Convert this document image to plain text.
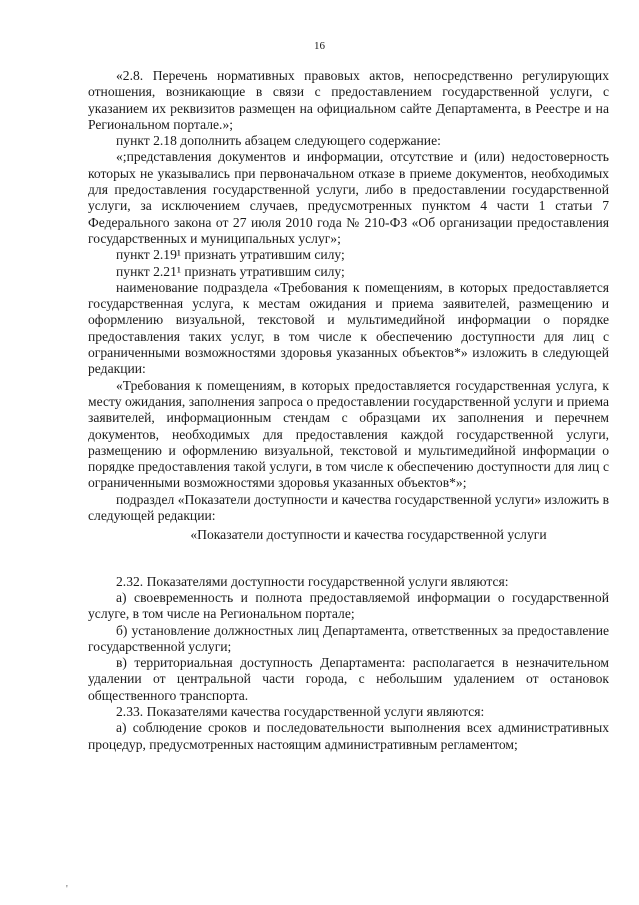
16

«2.8. Перечень нормативных правовых актов, непосредственно регулирующих отношения, возникающие в связи с предоставлением государственной услуги, с указанием их реквизитов размещен на официальном сайте Департамента, в Реестре и на Региональном портале.»;

пункт 2.18 дополнить абзацем следующего содержание:

«;представления документов и информации, отсутствие и (или) недостоверность которых не указывались при первоначальном отказе в приеме документов, необходимых для предоставления государственной услуги, либо в предоставлении государственной услуги, за исключением случаев, предусмотренных пунктом 4 части 1 статьи 7 Федерального закона от 27 июля 2010 года № 210-ФЗ «Об организации предоставления государственных и муниципальных услуг»;

пункт 2.19¹ признать утратившим силу;

пункт 2.21¹ признать утратившим силу;

наименование подраздела «Требования к помещениям, в которых предоставляется государственная услуга, к местам ожидания и приема заявителей, размещению и оформлению визуальной, текстовой и мультимедийной информации о порядке предоставления таких услуг, в том числе к обеспечению доступности для лиц с ограниченными возможностями здоровья указанных объектов*» изложить в следующей редакции:

«Требования к помещениям, в которых предоставляется государственная услуга, к месту ожидания, заполнения запроса о предоставлении государственной услуги и приема заявителей, информационным стендам с образцами их заполнения и перечнем документов, необходимых для предоставления каждой государственной услуги, размещению и оформлению визуальной, текстовой и мультимедийной информации о порядке предоставления такой услуги, в том числе к обеспечению доступности для лиц с ограниченными возможностями здоровья указанных объектов*»;

подраздел «Показатели доступности и качества государственной услуги» изложить в следующей редакции:

«Показатели доступности и качества государственной услуги

2.32. Показателями доступности государственной услуги являются:

а) своевременность и полнота предоставляемой информации о государственной услуге, в том числе на Региональном портале;

б) установление должностных лиц Департамента, ответственных за предоставление государственной услуги;

в) территориальная доступность Департамента: располагается в незначительном удалении от центральной части города, с небольшим удалением от остановок общественного транспорта.

2.33. Показателями качества государственной услуги являются:

а) соблюдение сроков и последовательности выполнения всех административных процедур, предусмотренных настоящим административным регламентом;

'
